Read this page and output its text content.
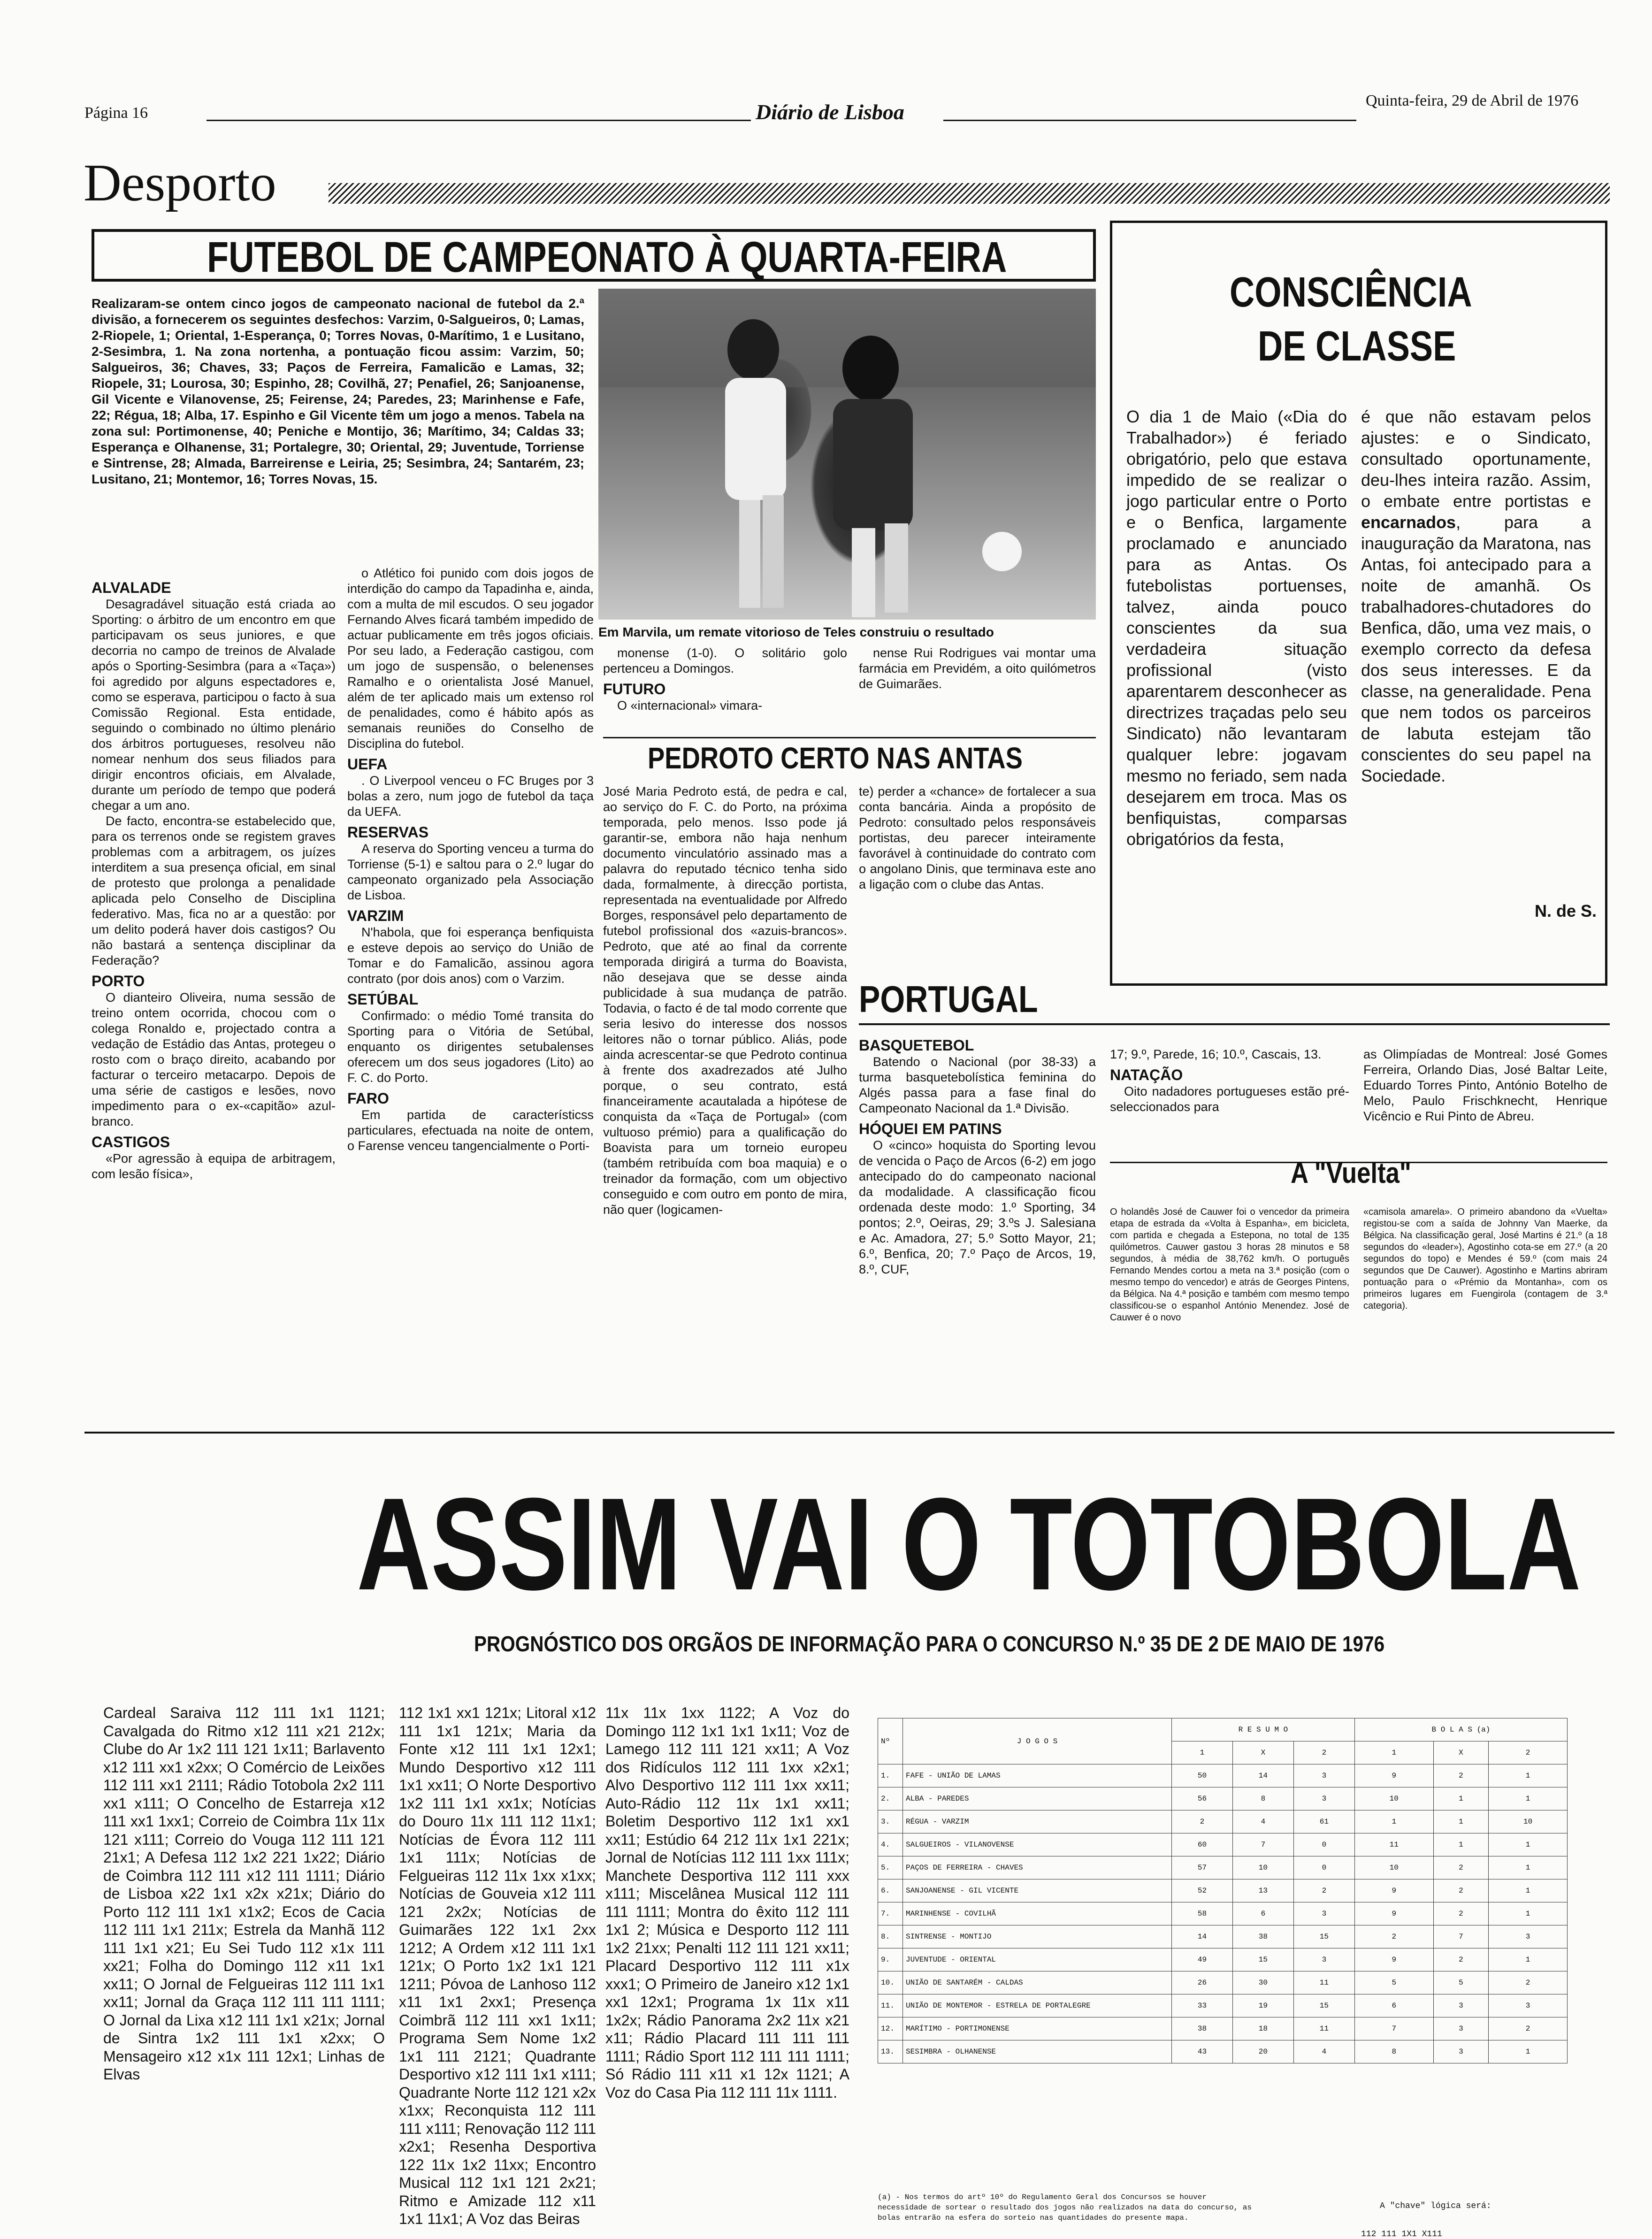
Página 16	Diário de Lisboa	Quinta-feira, 29 de Abril de 1976
Desporto
FUTEBOL DE CAMPEONATO À QUARTA-FEIRA
Realizaram-se ontem cinco jogos de campeonato nacional de futebol da 2.ª divisão, a fornecerem os seguintes desfechos: Varzim, 0-Salgueiros, 0; Lamas, 2-Riopele, 1; Oriental, 1-Esperança, 0; Torres Novas, 0-Marítimo, 1 e Lusitano, 2-Sesimbra, 1. Na zona nortenha, a pontuação ficou assim: Varzim, 50; Salgueiros, 36; Chaves, 33; Paços de Ferreira, Famalicão e Lamas, 32; Riopele, 31; Lourosa, 30; Espinho, 28; Covilhã, 27; Penafiel, 26; Sanjoanense, Gil Vicente e Vilanovense, 25; Feirense, 24; Paredes, 23; Marinhense e Fafe, 22; Régua, 18; Alba, 17. Espinho e Gil Vicente têm um jogo a menos. Tabela na zona sul: Portimonense, 40; Peniche e Montijo, 36; Marítimo, 34; Caldas 33; Esperança e Olhanense, 31; Portalegre, 30; Oriental, 29; Juventude, Torriense e Sintrense, 28; Almada, Barreirense e Leiria, 25; Sesimbra, 24; Santarém, 23; Lusitano, 21; Montemor, 16; Torres Novas, 15.
Em Marvila, um remate vitorioso de Teles construiu o resultado
ALVALADE

Desagradável situação está criada ao Sporting: o árbitro de um encontro em que participavam os seus juniores, e que decorria no campo de treinos de Alvalade após o Sporting-Sesimbra (para a «Taça») foi agredido por alguns espectadores e, como se esperava, participou o facto à sua Comissão Regional. Esta entidade, seguindo o combinado no último plenário dos árbitros portugueses, resolveu não nomear nenhum dos seus filiados para dirigir encontros oficiais, em Alvalade, durante um período de tempo que poderá chegar a um ano.

De facto, encontra-se estabelecido que, para os terrenos onde se registem graves problemas com a arbitragem, os juízes interditem a sua presença oficial, em sinal de protesto que prolonga a penalidade aplicada pelo Conselho de Disciplina federativo. Mas, fica no ar a questão: por um delito poderá haver dois castigos? Ou não bastará a sentença disciplinar da Federação?

PORTO

O dianteiro Oliveira, numa sessão de treino ontem ocorrida, chocou com o colega Ronaldo e, projectado contra a vedação de Estádio das Antas, protegeu o rosto com o braço direito, acabando por facturar o terceiro metacarpo. Depois de uma série de castigos e lesões, novo impedimento para o ex-«capitão» azul-branco.

CASTIGOS

«Por agressão à equipa de arbitragem, com lesão física»,

o Atlético foi punido com dois jogos de interdição do campo da Tapadinha e, ainda, com a multa de mil escudos. O seu jogador Fernando Alves ficará também impedido de actuar publicamente em três jogos oficiais. Por seu lado, a Federação castigou, com um jogo de suspensão, o belenenses Ramalho e o orientalista José Manuel, além de ter aplicado mais um extenso rol de penalidades, como é hábito após as semanais reuniões do Conselho de Disciplina do futebol.

UEFA

. O Liverpool venceu o FC Bruges por 3 bolas a zero, num jogo de futebol da taça da UEFA.

RESERVAS

A reserva do Sporting venceu a turma do Torriense (5-1) e saltou para o 2.º lugar do campeonato organizado pela Associação de Lisboa.

VARZIM

N'habola, que foi esperança benfiquista e esteve depois ao serviço do União de Tomar e do Famalicão, assinou agora contrato (por dois anos) com o Varzim.

SETÚBAL

Confirmado: o médio Tomé transita do Sporting para o Vitória de Setúbal, enquanto os dirigentes setubalenses oferecem um dos seus jogadores (Lito) ao F. C. do Porto.

FARO

Em partida de característicss particulares, efectuada na noite de ontem, o Farense venceu tangencialmente o Porti-

monense (1-0). O solitário golo pertenceu a Domingos.

FUTURO

O «internacional» vimara-

nense Rui Rodrigues vai montar uma farmácia em Previdém, a oito quilómetros de Guimarães.

PEDROTO CERTO NAS ANTAS
José Maria Pedroto está, de pedra e cal, ao serviço do F. C. do Porto, na próxima temporada, pelo menos. Isso pode já garantir-se, embora não haja nenhum documento vinculatório assinado mas a palavra do reputado técnico tenha sido dada, formalmente, à direcção portista, representada na eventualidade por Alfredo Borges, responsável pelo departamento de futebol profissional dos «azuis-brancos». Pedroto, que até ao final da corrente temporada dirigirá a turma do Boavista, não desejava que se desse ainda publicidade à sua mudança de patrão. Todavia, o facto é de tal modo corrente que seria lesivo do interesse dos nossos leitores não o tornar público. Aliás, pode ainda acrescentar-se que Pedroto continua à frente dos axadrezados até Julho porque, o seu contrato, está financeiramente acautalada a hipótese de conquista da «Taça de Portugal» (com vultuoso prémio) para a qualificação do Boavista para um torneio europeu (também retribuída com boa maquia) e o treinador da formação, com um objectivo conseguido e com outro em ponto de mira, não quer (logicamen-
te) perder a «chance» de fortalecer a sua conta bancária. Ainda a propósito de Pedroto: consultado pelos responsáveis portistas, deu parecer inteiramente favorável à continuidade do contrato com o angolano Dinis, que terminava este ano a ligação com o clube das Antas.
CONSCIÊNCIA
DE CLASSE
O dia 1 de Maio («Dia do Trabalhador») é feriado obrigatório, pelo que estava impedido de se realizar o jogo particular entre o Porto e o Benfica, largamente proclamado e anunciado para as Antas. Os futebolistas portuenses, talvez, ainda pouco conscientes da sua verdadeira situação profissional (visto aparentarem desconhecer as directrizes traçadas pelo seu Sindicato) não levantaram qualquer lebre: jogavam mesmo no feriado, sem nada desejarem em troca. Mas os benfiquistas, comparsas obrigatórios da festa,
é que não estavam pelos ajustes: e o Sindicato, consultado oportunamente, deu-lhes inteira razão. Assim, o embate entre portistas e encarnados, para a inauguração da Maratona, nas Antas, foi antecipado para a noite de amanhã. Os trabalhadores-chutadores do Benfica, dão, uma vez mais, o exemplo correcto da defesa dos seus interesses. E da classe, na generalidade. Pena que nem todos os parceiros de labuta estejam tão conscientes do seu papel na Sociedade.
N. de S.
PORTUGAL
BASQUETEBOL

Batendo o Nacional (por 38-33) a turma basquetebolística feminina do Algés passa para a fase final do Campeonato Nacional da 1.ª Divisão.

HÓQUEI EM PATINS

O «cinco» hoquista do Sporting levou de vencida o Paço de Arcos (6-2) em jogo antecipado do do campeonato nacional da modalidade. A classificação ficou ordenada deste modo: 1.º Sporting, 34 pontos; 2.º, Oeiras, 29; 3.ºs J. Salesiana e Ac. Amadora, 27; 5.º Sotto Mayor, 21; 6.º, Benfica, 20; 7.º Paço de Arcos, 19, 8.º, CUF,

17; 9.º, Parede, 16; 10.º, Cascais, 13.

NATAÇÃO

Oito nadadores portugueses estão pré-seleccionados para

as Olimpíadas de Montreal: José Gomes Ferreira, Orlando Dias, José Baltar Leite, Eduardo Torres Pinto, António Botelho de Melo, Paulo Frischknecht, Henrique Vicêncio e Rui Pinto de Abreu.
A "Vuelta"
O holandês José de Cauwer foi o vencedor da primeira etapa de estrada da «Volta à Espanha», em bicicleta, com partida e chegada a Estepona, no total de 135 quilómetros. Cauwer gastou 3 horas 28 minutos e 58 segundos, à média de 38,762 km/h. O português Fernando Mendes cortou a meta na 3.ª posição (com o mesmo tempo do vencedor) e atrás de Georges Pintens, da Bélgica. Na 4.ª posição e também com mesmo tempo classificou-se o espanhol António Menendez. José de Cauwer é o novo
«camisola amarela». O primeiro abandono da «Vuelta» registou-se com a saída de Johnny Van Maerke, da Bélgica. Na classificação geral, José Martins é 21.º (a 18 segundos do «leader»), Agostinho cota-se em 27.º (a 20 segundos do topo) e Mendes é 59.º (com mais 24 segundos que De Cauwer). Agostinho e Martins abriram pontuação para o «Prémio da Montanha», com os primeiros lugares em Fuengirola (contagem de 3.ª categoria).
ASSIM VAI O TOTOBOLA
PROGNÓSTICO DOS ORGÃOS DE INFORMAÇÃO PARA O CONCURSO N.º 35 DE 2 DE MAIO DE 1976
Cardeal Saraiva 112 111 1x1 1121; Cavalgada do Ritmo x12 111 x21 212x; Clube do Ar 1x2 111 121 1x11; Barlavento x12 111 xx1 x2xx; O Comércio de Leixões 112 111 xx1 2111; Rádio Totobola 2x2 111 xx1 x111; O Concelho de Estarreja x12 111 xx1 1xx1; Correio de Coimbra 11x 11x 121 x111; Correio do Vouga 112 111 121 21x1; A Defesa 112 1x2 221 1x22; Diário de Coimbra 112 111 x12 111 1111; Diário de Lisboa x22 1x1 x2x x21x; Diário do Porto 112 111 1x1 x1x2; Ecos de Cacia 112 111 1x1 211x; Estrela da Manhã 112 111 1x1 x21; Eu Sei Tudo 112 x1x 111 xx21; Folha do Domingo 112 x11 1x1 xx11; O Jornal de Felgueiras 112 111 1x1 xx11; Jornal da Graça 112 111 111 1111; O Jornal da Lixa x12 111 1x1 x21x; Jornal de Sintra 1x2 111 1x1 x2xx; O Mensageiro x12 x1x 111 12x1; Linhas de Elvas
112 1x1 xx1 121x; Litoral x12 111 1x1 121x; Maria da Fonte x12 111 1x1 12x1; Mundo Desportivo x12 111 1x1 xx11; O Norte Desportivo 1x2 111 1x1 xx1x; Notícias do Douro 11x 111 112 11x1; Notícias de Évora 112 111 1x1 111x; Notícias de Felgueiras 112 11x 1xx x1xx; Notícias de Gouveia x12 111 121 2x2x; Notícias de Guimarães 122 1x1 2xx 1212; A Ordem x12 111 1x1 121x; O Porto 1x2 1x1 121 1211; Póvoa de Lanhoso 112 x11 1x1 2xx1; Presença Coimbrã 112 111 xx1 1x11; Programa Sem Nome 1x2 1x1 111 2121; Quadrante Desportivo x12 111 1x1 x111; Quadrante Norte 112 121 x2x x1xx; Reconquista 112 111 111 x111; Renovação 112 111 x2x1; Resenha Desportiva 122 11x 1x2 11xx; Encontro Musical 112 1x1 121 2x21; Ritmo e Amizade 112 x11 1x1 11x1; A Voz das Beiras
11x 11x 1xx 1122; A Voz do Domingo 112 1x1 1x1 1x11; Voz de Lamego 112 111 121 xx11; A Voz dos Ridículos 112 111 1xx x2x1; Alvo Desportivo 112 111 1xx xx11; Auto-Rádio 112 11x 1x1 xx11; Boletim Desportivo 112 1x1 xx1 xx11; Estúdio 64 212 11x 1x1 221x; Jornal de Notícias 112 111 1xx 111x; Manchete Desportiva 112 111 xxx x111; Miscelânea Musical 112 111 111 1111; Montra do êxito 112 111 1x1 2; Música e Desporto 112 111 1x2 21xx; Penalti 112 111 121 xx11; Placard Desportivo 112 111 x1x xxx1; O Primeiro de Janeiro x12 1x1 xx1 12x1; Programa 1x 11x x11 1x2x; Rádio Panorama 2x2 11x x21 x11; Rádio Placard 111 111 111 1111; Rádio Sport 112 111 111 1111; Só Rádio 111 x11 x1 12x 1121; A Voz do Casa Pia 112 111 11x 1111.
Nº	J O G O S	R E S U M O			B O L A S (a)		
		1	X	2	1	X	2
1.	FAFE - UNIÃO DE LAMAS	50	14	3	9	2	1
2.	ALBA - PAREDES	56	8	3	10	1	1
3.	RÉGUA - VARZIM	2	4	61	1	1	10
4.	SALGUEIROS - VILANOVENSE	60	7	0	11	1	1
5.	PAÇOS DE FERREIRA - CHAVES	57	10	0	10	2	1
6.	SANJOANENSE - GIL VICENTE	52	13	2	9	2	1
7.	MARINHENSE - COVILHÃ	58	6	3	9	2	1
8.	SINTRENSE - MONTIJO	14	38	15	2	7	3
9.	JUVENTUDE - ORIENTAL	49	15	3	9	2	1
10.	UNIÃO DE SANTARÉM - CALDAS	26	30	11	5	5	2
11.	UNIÃO DE MONTEMOR - ESTRELA DE PORTALEGRE	33	19	15	6	3	3
12.	MARÍTIMO - PORTIMONENSE	38	18	11	7	3	2
13.	SESIMBRA - OLHANENSE	43	20	4	8	3	1
(a) - Nos termos do artº 10º do Regulamento Geral dos Concursos se houver necessidade de sortear o resultado dos jogos não realizados na data do concurso, as bolas entrarão na esfera do sorteio nas quantidades do presente mapa.
A "chave" lógica será:
112 111 1X1 X111
